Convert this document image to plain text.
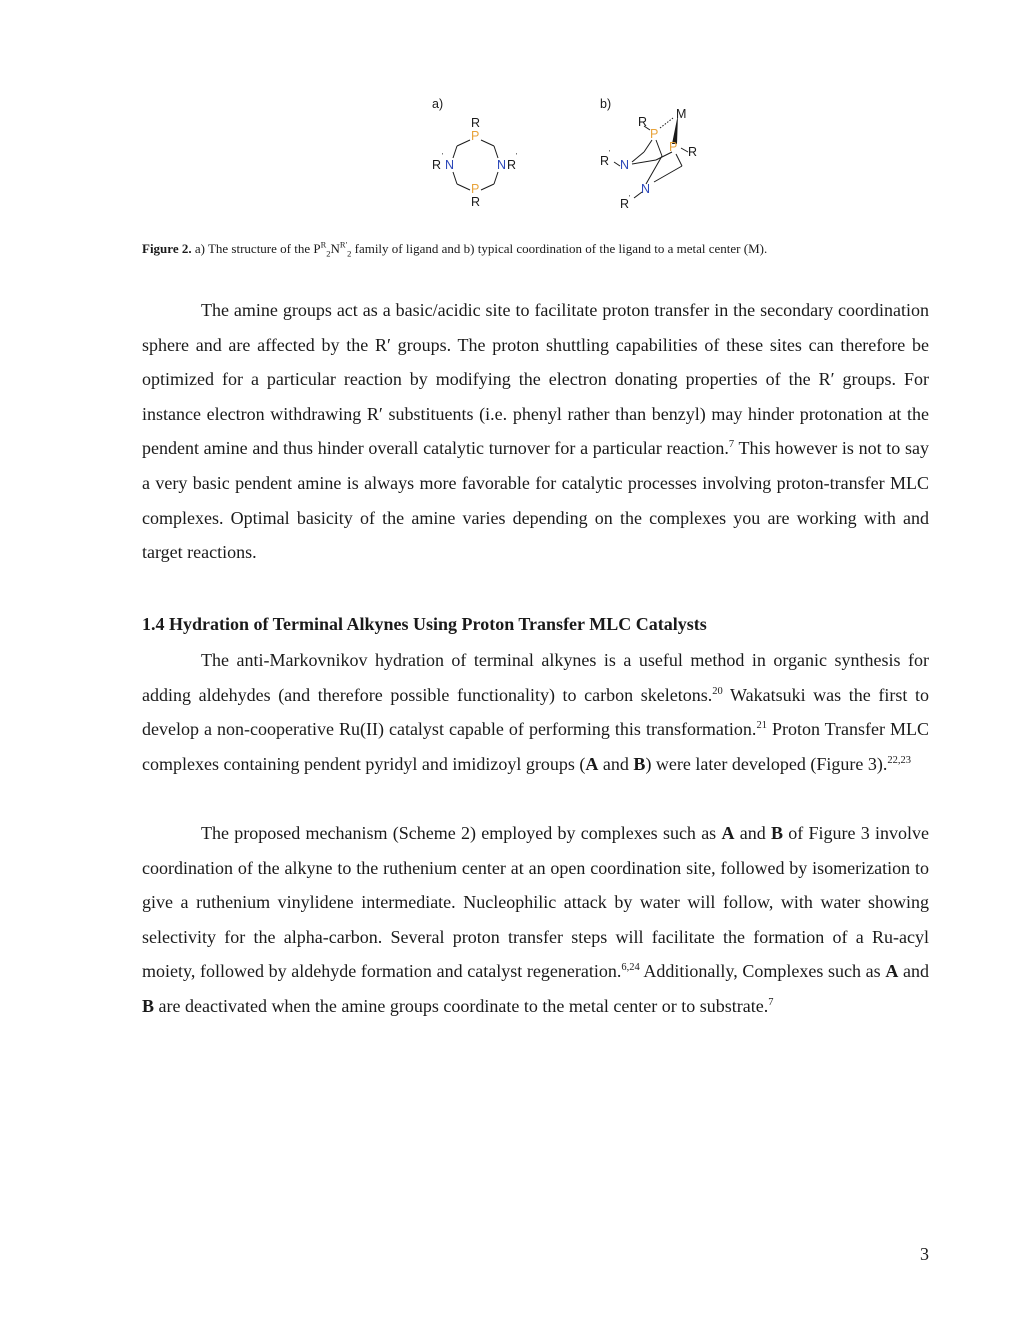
a)	b)
R
P
R
'
N	N R
'
P
R
R
P
M
P R
R
'
N
N
R '
Figure 2. a) The structure of the $P^R_2N^{R'}_2$ family of ligand and b) typical coordination of the ligand to a metal center (M).

The amine groups act as a basic/acidic site to facilitate proton transfer in the secondary coordination sphere and are affected by the R′ groups. The proton shuttling capabilities of these sites can therefore be optimized for a particular reaction by modifying the electron donating properties of the R′ groups. For instance electron withdrawing R′ substituents (i.e. phenyl rather than benzyl) may hinder protonation at the pendent amine and thus hinder overall catalytic turnover for a particular reaction.$^7$ This however is not to say a very basic pendent amine is always more favorable for catalytic processes involving proton-transfer MLC complexes. Optimal basicity of the amine varies depending on the complexes you are working with and target reactions.

1.4 Hydration of Terminal Alkynes Using Proton Transfer MLC Catalysts

The anti-Markovnikov hydration of terminal alkynes is a useful method in organic synthesis for adding aldehydes (and therefore possible functionality) to carbon skeletons.$^{20}$ Wakatsuki was the first to develop a non-cooperative Ru(II) catalyst capable of performing this transformation.$^{21}$ Proton Transfer MLC complexes containing pendent pyridyl and imidizoyl groups (A and B) were later developed (Figure 3).$^{22,23}$

The proposed mechanism (Scheme 2) employed by complexes such as A and B of Figure 3 involve coordination of the alkyne to the ruthenium center at an open coordination site, followed by isomerization to give a ruthenium vinylidene intermediate. Nucleophilic attack by water will follow, with water showing selectivity for the alpha-carbon. Several proton transfer steps will facilitate the formation of a Ru-acyl moiety, followed by aldehyde formation and catalyst regeneration.$^{6,24}$ Additionally, Complexes such as A and B are deactivated when the amine groups coordinate to the metal center or to substrate.$^7$

3
